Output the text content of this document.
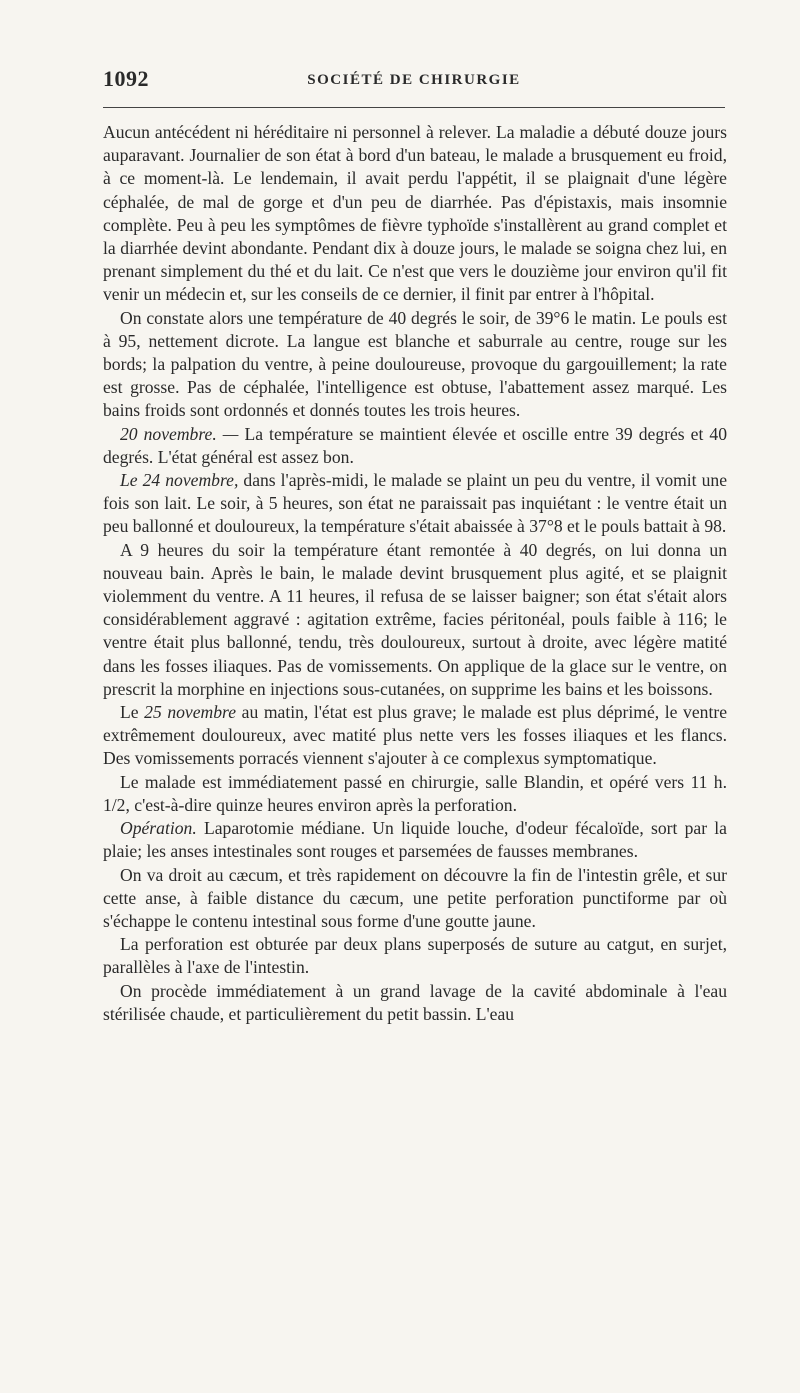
1092	SOCIÉTÉ DE CHIRURGIE

Aucun antécédent ni héréditaire ni personnel à relever. La maladie a débuté douze jours auparavant. Journalier de son état à bord d'un bateau, le malade a brusquement eu froid, à ce moment-là. Le lendemain, il avait perdu l'appétit, il se plaignait d'une légère céphalée, de mal de gorge et d'un peu de diarrhée. Pas d'épistaxis, mais insomnie complète. Peu à peu les symptômes de fièvre typhoïde s'installèrent au grand complet et la diarrhée devint abondante. Pendant dix à douze jours, le malade se soigna chez lui, en prenant simplement du thé et du lait. Ce n'est que vers le douzième jour environ qu'il fit venir un médecin et, sur les conseils de ce dernier, il finit par entrer à l'hôpital.

On constate alors une température de 40 degrés le soir, de 39°6 le matin. Le pouls est à 95, nettement dicrote. La langue est blanche et saburrale au centre, rouge sur les bords; la palpation du ventre, à peine douloureuse, provoque du gargouillement; la rate est grosse. Pas de céphalée, l'intelligence est obtuse, l'abattement assez marqué. Les bains froids sont ordonnés et donnés toutes les trois heures.

20 novembre. — La température se maintient élevée et oscille entre 39 degrés et 40 degrés. L'état général est assez bon.

Le 24 novembre, dans l'après-midi, le malade se plaint un peu du ventre, il vomit une fois son lait. Le soir, à 5 heures, son état ne paraissait pas inquiétant : le ventre était un peu ballonné et douloureux, la température s'était abaissée à 37°8 et le pouls battait à 98.

A 9 heures du soir la température étant remontée à 40 degrés, on lui donna un nouveau bain. Après le bain, le malade devint brusquement plus agité, et se plaignit violemment du ventre. A 11 heures, il refusa de se laisser baigner; son état s'était alors considérablement aggravé : agitation extrême, facies péritonéal, pouls faible à 116; le ventre était plus ballonné, tendu, très douloureux, surtout à droite, avec légère matité dans les fosses iliaques. Pas de vomissements. On applique de la glace sur le ventre, on prescrit la morphine en injections sous-cutanées, on supprime les bains et les boissons.

Le 25 novembre au matin, l'état est plus grave; le malade est plus déprimé, le ventre extrêmement douloureux, avec matité plus nette vers les fosses iliaques et les flancs. Des vomissements porracés viennent s'ajouter à ce complexus symptomatique.

Le malade est immédiatement passé en chirurgie, salle Blandin, et opéré vers 11 h. 1/2, c'est-à-dire quinze heures environ après la perforation.

Opération. Laparotomie médiane. Un liquide louche, d'odeur fécaloïde, sort par la plaie; les anses intestinales sont rouges et parsemées de fausses membranes.

On va droit au cæcum, et très rapidement on découvre la fin de l'intestin grêle, et sur cette anse, à faible distance du cæcum, une petite perforation punctiforme par où s'échappe le contenu intestinal sous forme d'une goutte jaune.

La perforation est obturée par deux plans superposés de suture au catgut, en surjet, parallèles à l'axe de l'intestin.

On procède immédiatement à un grand lavage de la cavité abdominale à l'eau stérilisée chaude, et particulièrement du petit bassin. L'eau
